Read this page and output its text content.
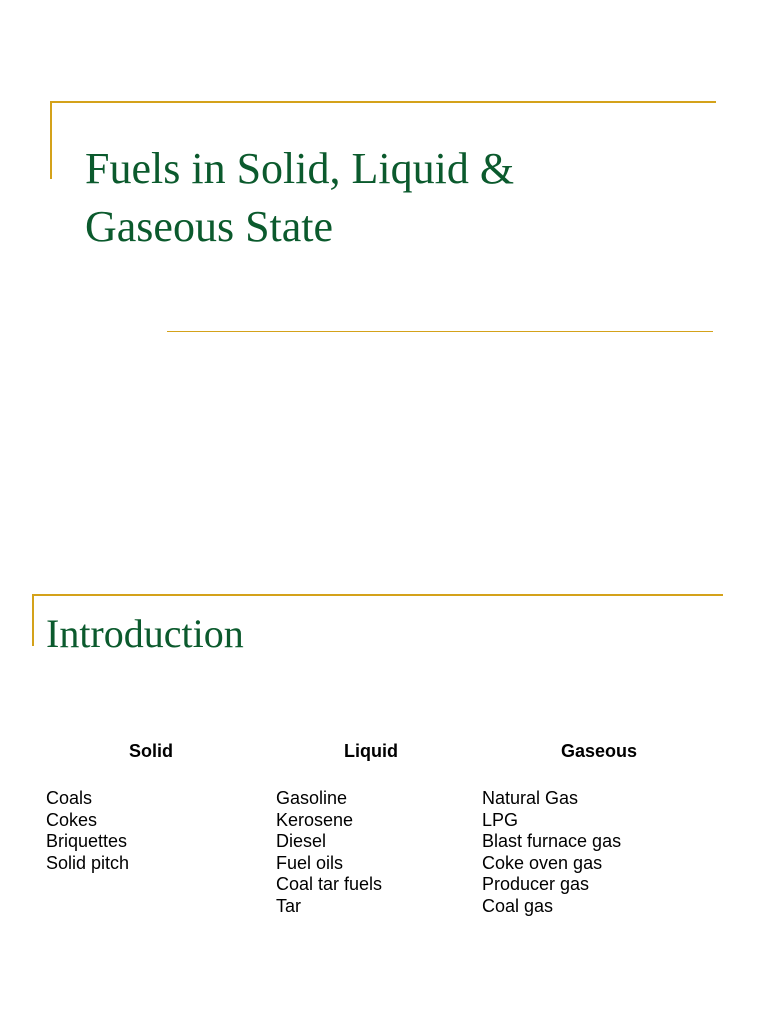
Fuels in Solid, Liquid &
Gaseous State
Introduction
Solid
Coals
Cokes
Briquettes
Solid pitch
Liquid
Gasoline
Kerosene
Diesel
Fuel oils
Coal tar fuels
Tar
Gaseous
Natural Gas
LPG
Blast furnace gas
Coke oven gas
Producer gas
Coal gas
